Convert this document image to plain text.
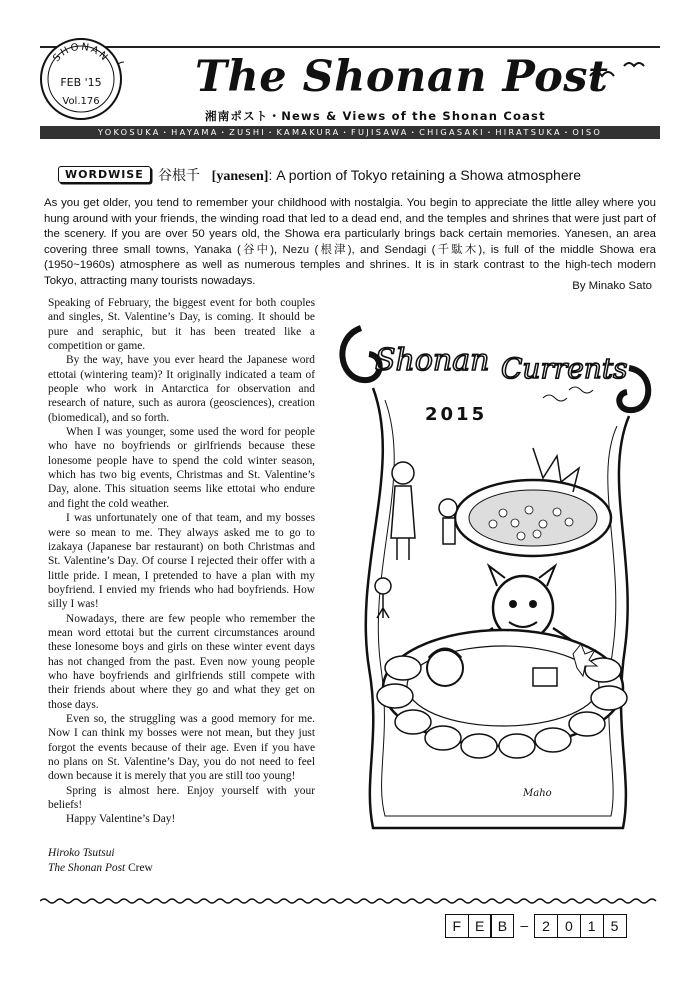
SHONAN
FEB '15
Vol.176 The Shonan Post
湘南ポスト・News & Views of the Shonan Coast
YOKOSUKA・HAYAMA・ZUSHI・KAMAKURA・FUJISAWA・CHIGASAKI・HIRATSUKA・OISO
WORDWISE	谷根千 [yanesen]: A portion of Tokyo retaining a Showa atmosphere
As you get older, you tend to remember your childhood with nostalgia. You begin to appreciate the little alley where you hung around with your friends, the winding road that led to a dead end, and the temples and shrines that were just part of the scenery. If you are over 50 years old, the Showa era particularly brings back certain memories. Yanesen, an area covering three small towns, Yanaka (谷中), Nezu (根津), and Sendagi (千駄木), is full of the middle Showa era (1950~1960s) atmosphere as well as numerous temples and shrines. It is in stark contrast to the high-tech modern Tokyo, attracting many tourists nowadays.	By Minako Sato

Speaking of February, the biggest event for both couples and singles, St. Valentine’s Day, is coming. It should be pure and seraphic, but it has been treated like a competition or game.

By the way, have you ever heard the Japanese word ettotai (wintering team)? It originally indicated a team of people who work in Antarctica for observation and research of nature, such as aurora (geosciences), creation (biomedical), and so forth.

When I was younger, some used the word for people who have no boyfriends or girlfriends because these lonesome people have to spend the cold winter season, which has two big events, Christmas and St. Valentine’s Day, alone. This situation seems like ettotai who endure and fight the cold weather.

I was unfortunately one of that team, and my bosses were so mean to me. They always asked me to go to izakaya (Japanese bar restaurant) on both Christmas and St. Valentine’s Day. Of course I rejected their offer with a little pride. I mean, I pretended to have a plan with my boyfriend. I envied my friends who had boyfriends. How silly I was!

Nowadays, there are few people who remember the mean word ettotai but the current circumstances around these lonesome boys and girls on these winter event days has not changed from the past. Even now young people who have boyfriends and girlfriends still compete with their friends about where they go and what they get on those days.

Even so, the struggling was a good memory for me. Now I can think my bosses were not mean, but they just forgot the events because of their age. Even if you have no plans on St. Valentine’s Day, you do not need to feel down because it is merely that you are still too young!

Spring is almost here. Enjoy yourself with your beliefs!

Happy Valentine’s Day!

Hiroko Tsutsui
The Shonan Post Crew
Shonan Currents
2015
Maho
F E B –	2	0	1	5
